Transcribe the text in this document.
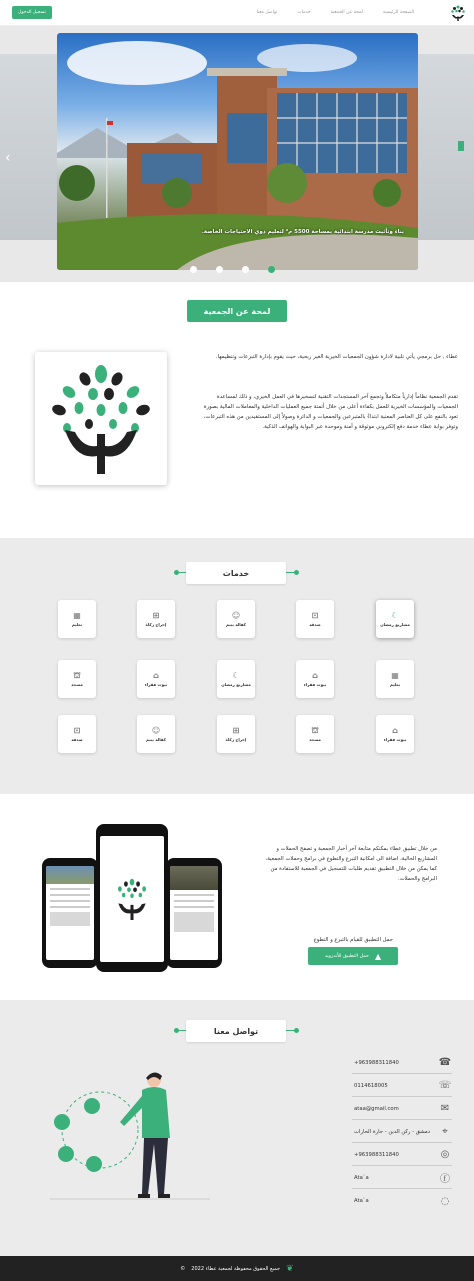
تسجيل الدخول	الصفحة الرئيسية
لمحة عن الجمعية
خدمات
تواصل معنا
بناء وتأثيث مدرسة ابتدائية بمساحة 5500 م² لتعليم ذوي الاحتياجات الخاصة.
‹
لمحة عن الجمعية
عطاء , حل برمجي يأتي تلبية لادارة شؤون الجمعيات الخيرية الغير ربحية، حيث يقوم بإدارة التبرعات وتنظيمها.
تقدم الجمعية نظاماً إدارياً متكاملاً وتجمع آخر المستجدات التقنية لتسخيرها في العمل الخيري، و ذلك لمساعدة الجمعيات والمؤسسات الخيرية للعمل بكفاءة أعلى من خلال أتمتة جميع العمليات الداخلية والمعاملات المالية بصورة تعود بالنفع على كل العناصر المعنية ابتداءً بالمتبرعين والجمعيات و الدائرة وصولاً إلى المستفيدين من هذه التبرعات، وتوفر بوابة عطاء خدمة دفع إلكتروني موثوقة و آمنة وموحدة عبر البوابة والهواتف الذكية.
خدمات
☾
مشاريع رمضان
⊡
صدقة
☺
كفالة يتيم
⊞
إخراج زكاة
▦
تعليم
▦
تعليم
⌂
بيوت فقراء
☾
مشاريع رمضان
⌂
بيوت فقراء
⛫
مسجد
⌂
بيوت فقراء
⛫
مسجد
⊞
إخراج زكاة
☺
كفالة يتيم
⊡
صدقة
من خلال تطبيق عطاء يمكنكم متابعة آخر أخبار الجمعية و تصفح الحملات و المشاريع الحالية، اضافة الى امكانية التبرع والتطوع في برامج وحملات الجمعية، كما يمكن من خلال التطبيق تقديم طلبات للتسجيل في الجمعية للاستفادة من البرامج والحملات.
حمل التطبيق للقيام بالتبرع و التطوع
حمل التطبيق للأندرويد ▲
تواصل معنا
+963988311840	☎
0114618005	☏
ataa@gmail.com	✉
دمشق - ركن الدين - حارة الحارات	⌖
+963988311840	◎
Ata`a	ⓕ
Ata`a	◌
© جميع الحقوق محفوظة لجمعية عطاء 2022 ❦
